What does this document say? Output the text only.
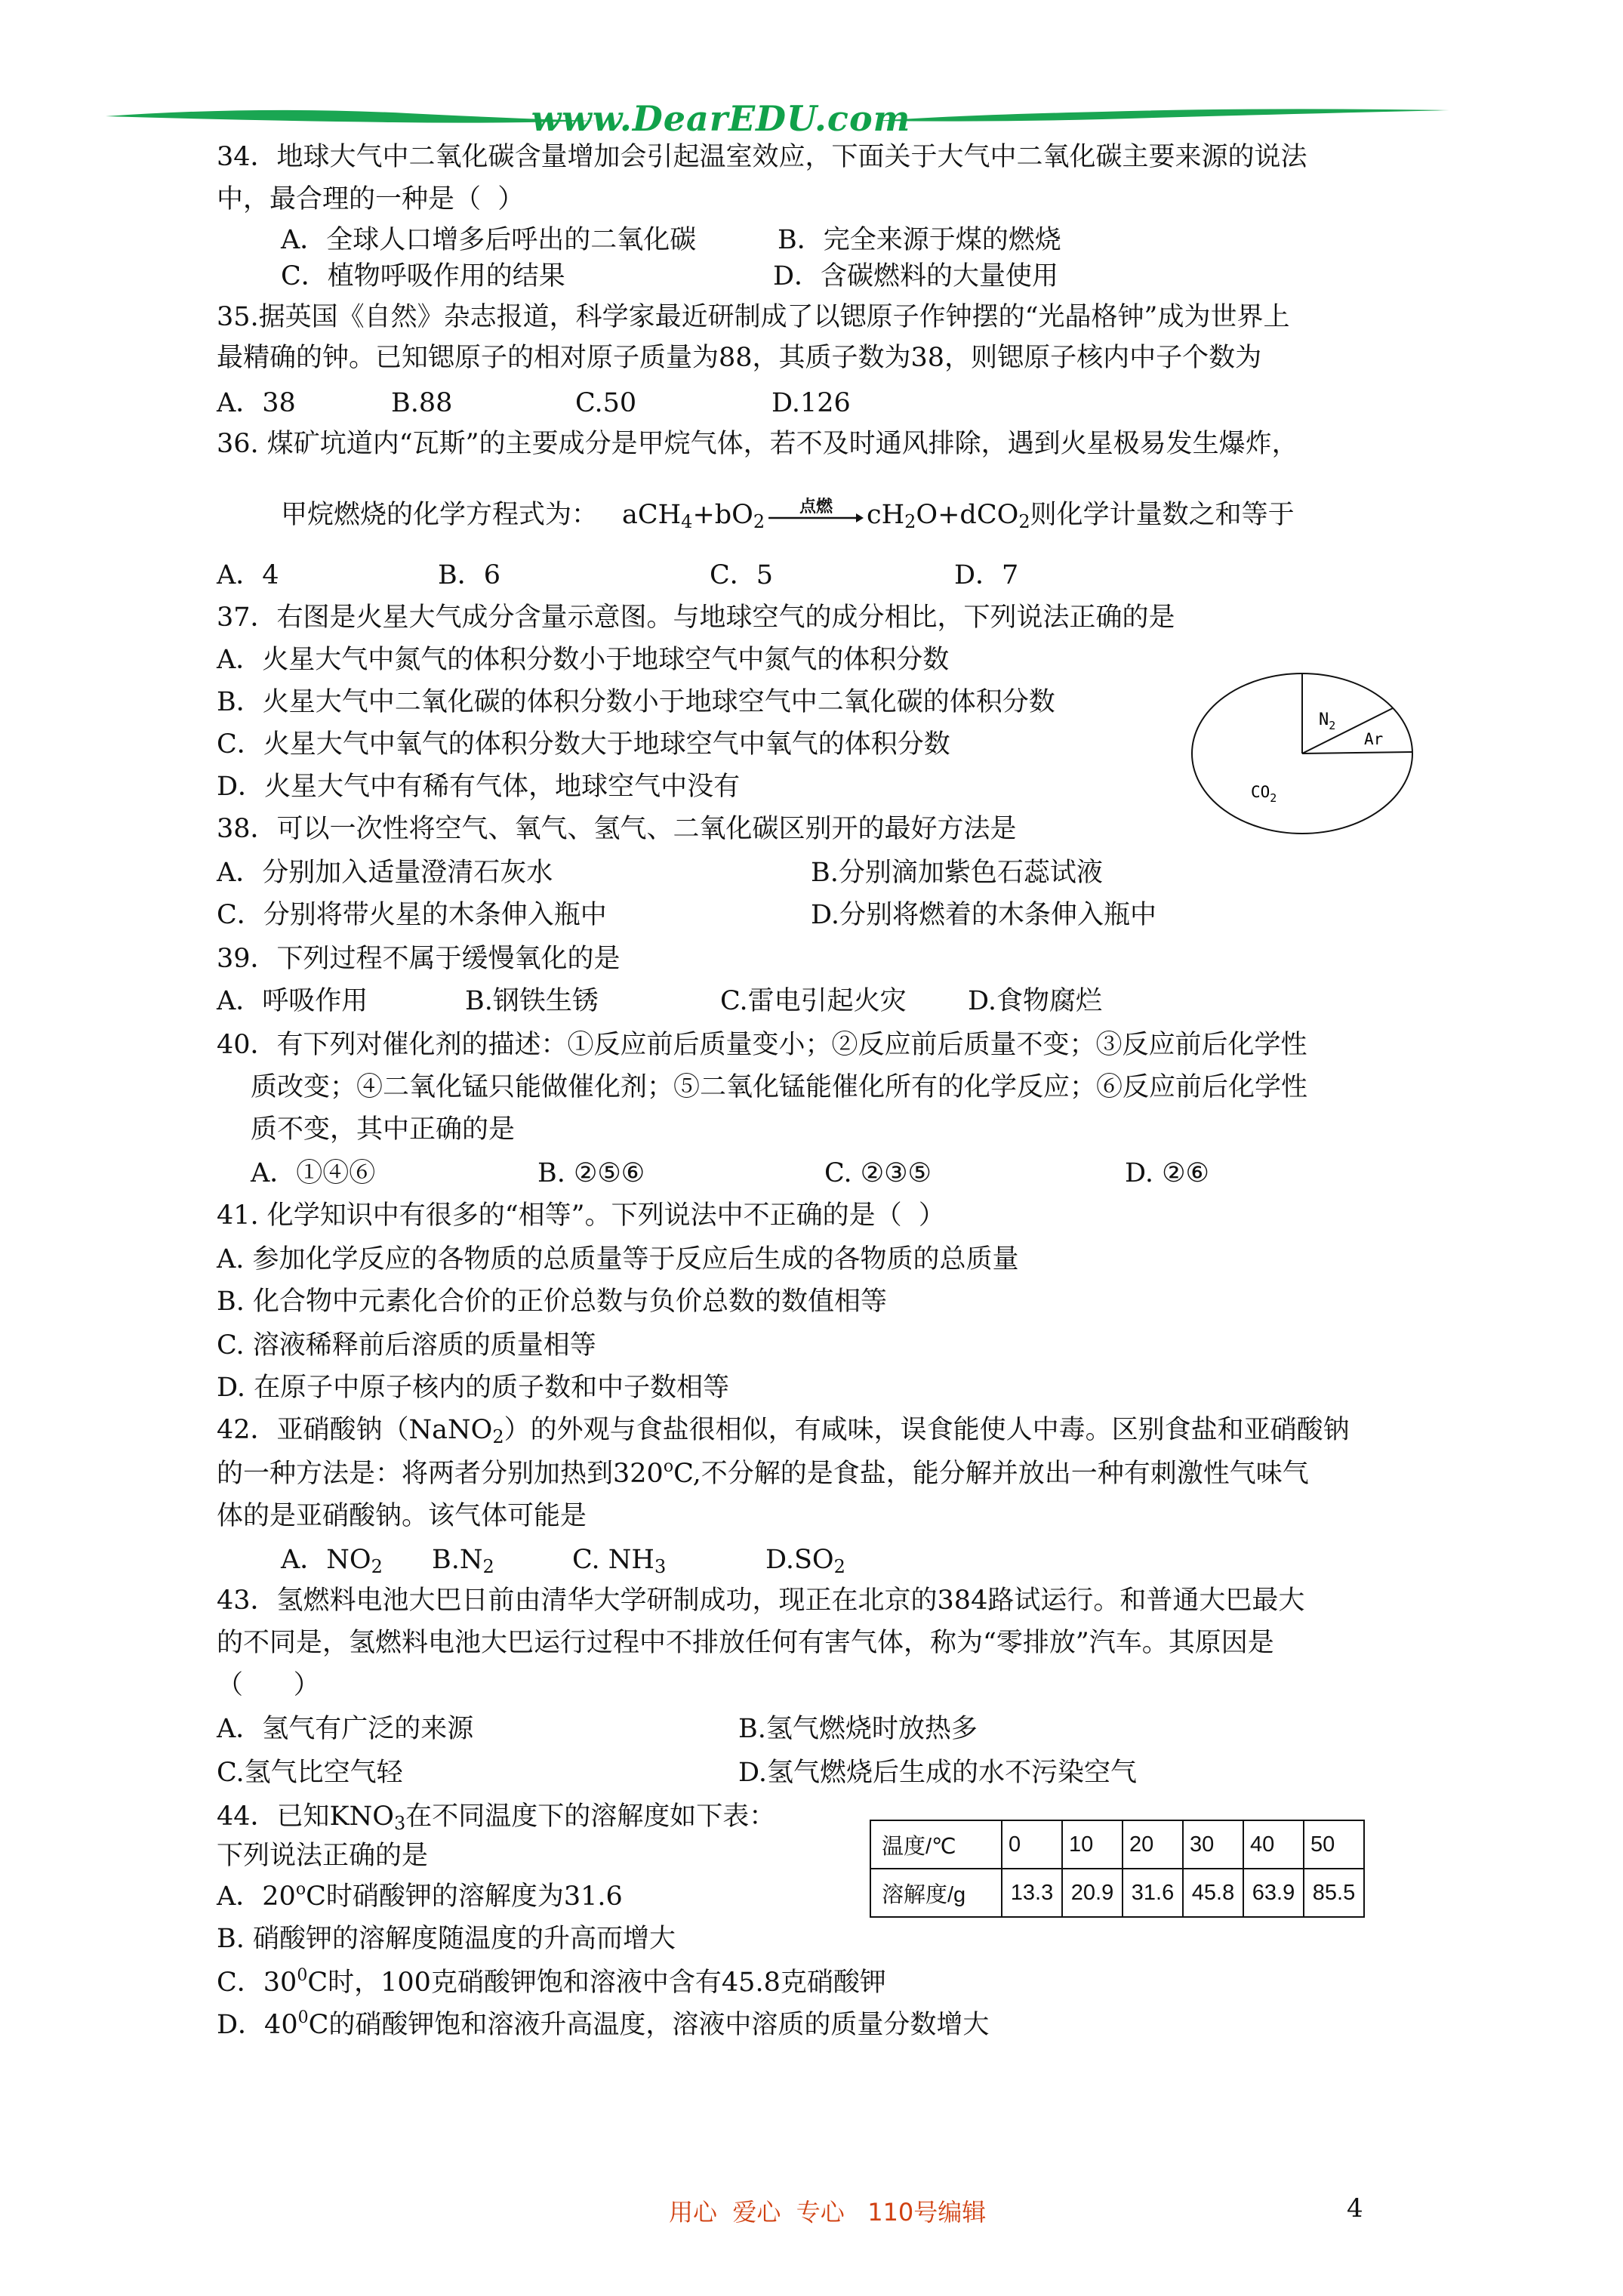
www.DearEDU.com
34．地球大气中二氧化碳含量增加会引起温室效应，下面关于大气中二氧化碳主要来源的说法
中，最合理的一种是（  ）
A．全球人口增多后呼出的二氧化碳	B．完全来源于煤的燃烧
C．植物呼吸作用的结果	D．含碳燃料的大量使用
35.据英国《自然》杂志报道，科学家最近研制成了以锶原子作钟摆的“光晶格钟”成为世界上
最精确的钟。已知锶原子的相对原子质量为88，其质子数为38，则锶原子核内中子个数为
A．38	B.88	C.50	D.126
36. 煤矿坑道内“瓦斯”的主要成分是甲烷气体，若不及时通风排除，遇到火星极易发生爆炸，
甲烷燃烧的化学方程式为： $aCH_4+bO_2$
点燃	$cH_2O+dCO_2$则化学计量数之和等于
A．4	B．6	C．5	D．7
37．右图是火星大气成分含量示意图。与地球空气的成分相比，下列说法正确的是
A．火星大气中氮气的体积分数小于地球空气中氮气的体积分数
B．火星大气中二氧化碳的体积分数小于地球空气中二氧化碳的体积分数
C．火星大气中氧气的体积分数大于地球空气中氧气的体积分数
D．火星大气中有稀有气体，地球空气中没有
$N_2$
Ar
$CO_2$
38．可以一次性将空气、氧气、氢气、二氧化碳区别开的最好方法是
A．分别加入适量澄清石灰水	B.分别滴加紫色石蕊试液
C．分别将带火星的木条伸入瓶中	D.分别将燃着的木条伸入瓶中
39．下列过程不属于缓慢氧化的是
A．呼吸作用	B.钢铁生锈	C.雷电引起火灾 D.食物腐烂
40．有下列对催化剂的描述：①反应前后质量变小；②反应前后质量不变；③反应前后化学性
质改变；④二氧化锰只能做催化剂；⑤二氧化锰能催化所有的化学反应；⑥反应前后化学性
质不变，其中正确的是
A．①④⑥	B. ②⑤⑥	C. ②③⑤	D. ②⑥
41. 化学知识中有很多的“相等”。下列说法中不正确的是（  ）
A. 参加化学反应的各物质的总质量等于反应后生成的各物质的总质量
B. 化合物中元素化合价的正价总数与负价总数的数值相等
C. 溶液稀释前后溶质的质量相等
D. 在原子中原子核内的质子数和中子数相等
42．亚硝酸钠（NaNO$_2$）的外观与食盐很相似，有咸味，误食能使人中毒。区别食盐和亚硝酸钠
的一种方法是：将两者分别加热到320$^o$C,不分解的是食盐，能分解并放出一种有刺激性气味气
体的是亚硝酸钠。该气体可能是
A．$NO_2$ $B.N_2$	C. $NH_3$	$D.SO_2$
43．氢燃料电池大巴日前由清华大学研制成功，现正在北京的384路试运行。和普通大巴最大
的不同是，氢燃料电池大巴运行过程中不排放任何有害气体，称为“零排放”汽车。其原因是
（      ）
A．氢气有广泛的来源	B.氢气燃烧时放热多
C.氢气比空气轻	D.氢气燃烧后生成的水不污染空气
44．已知$KNO_3$在不同温度下的溶解度如下表：
下列说法正确的是
A．20$^o$C时硝酸钾的溶解度为31.6
B. 硝酸钾的溶解度随温度的升高而增大
C．$30^0C$时，100克硝酸钾饱和溶液中含有45.8克硝酸钾
D．$40^0C$的硝酸钾饱和溶液升高温度，溶液中溶质的质量分数增大
温度/℃	0	10	20	30	40	50
溶解度/g	13.3	20.9	31.6	45.8	63.9	85.5
用心  爱心  专心   110号编辑	4
